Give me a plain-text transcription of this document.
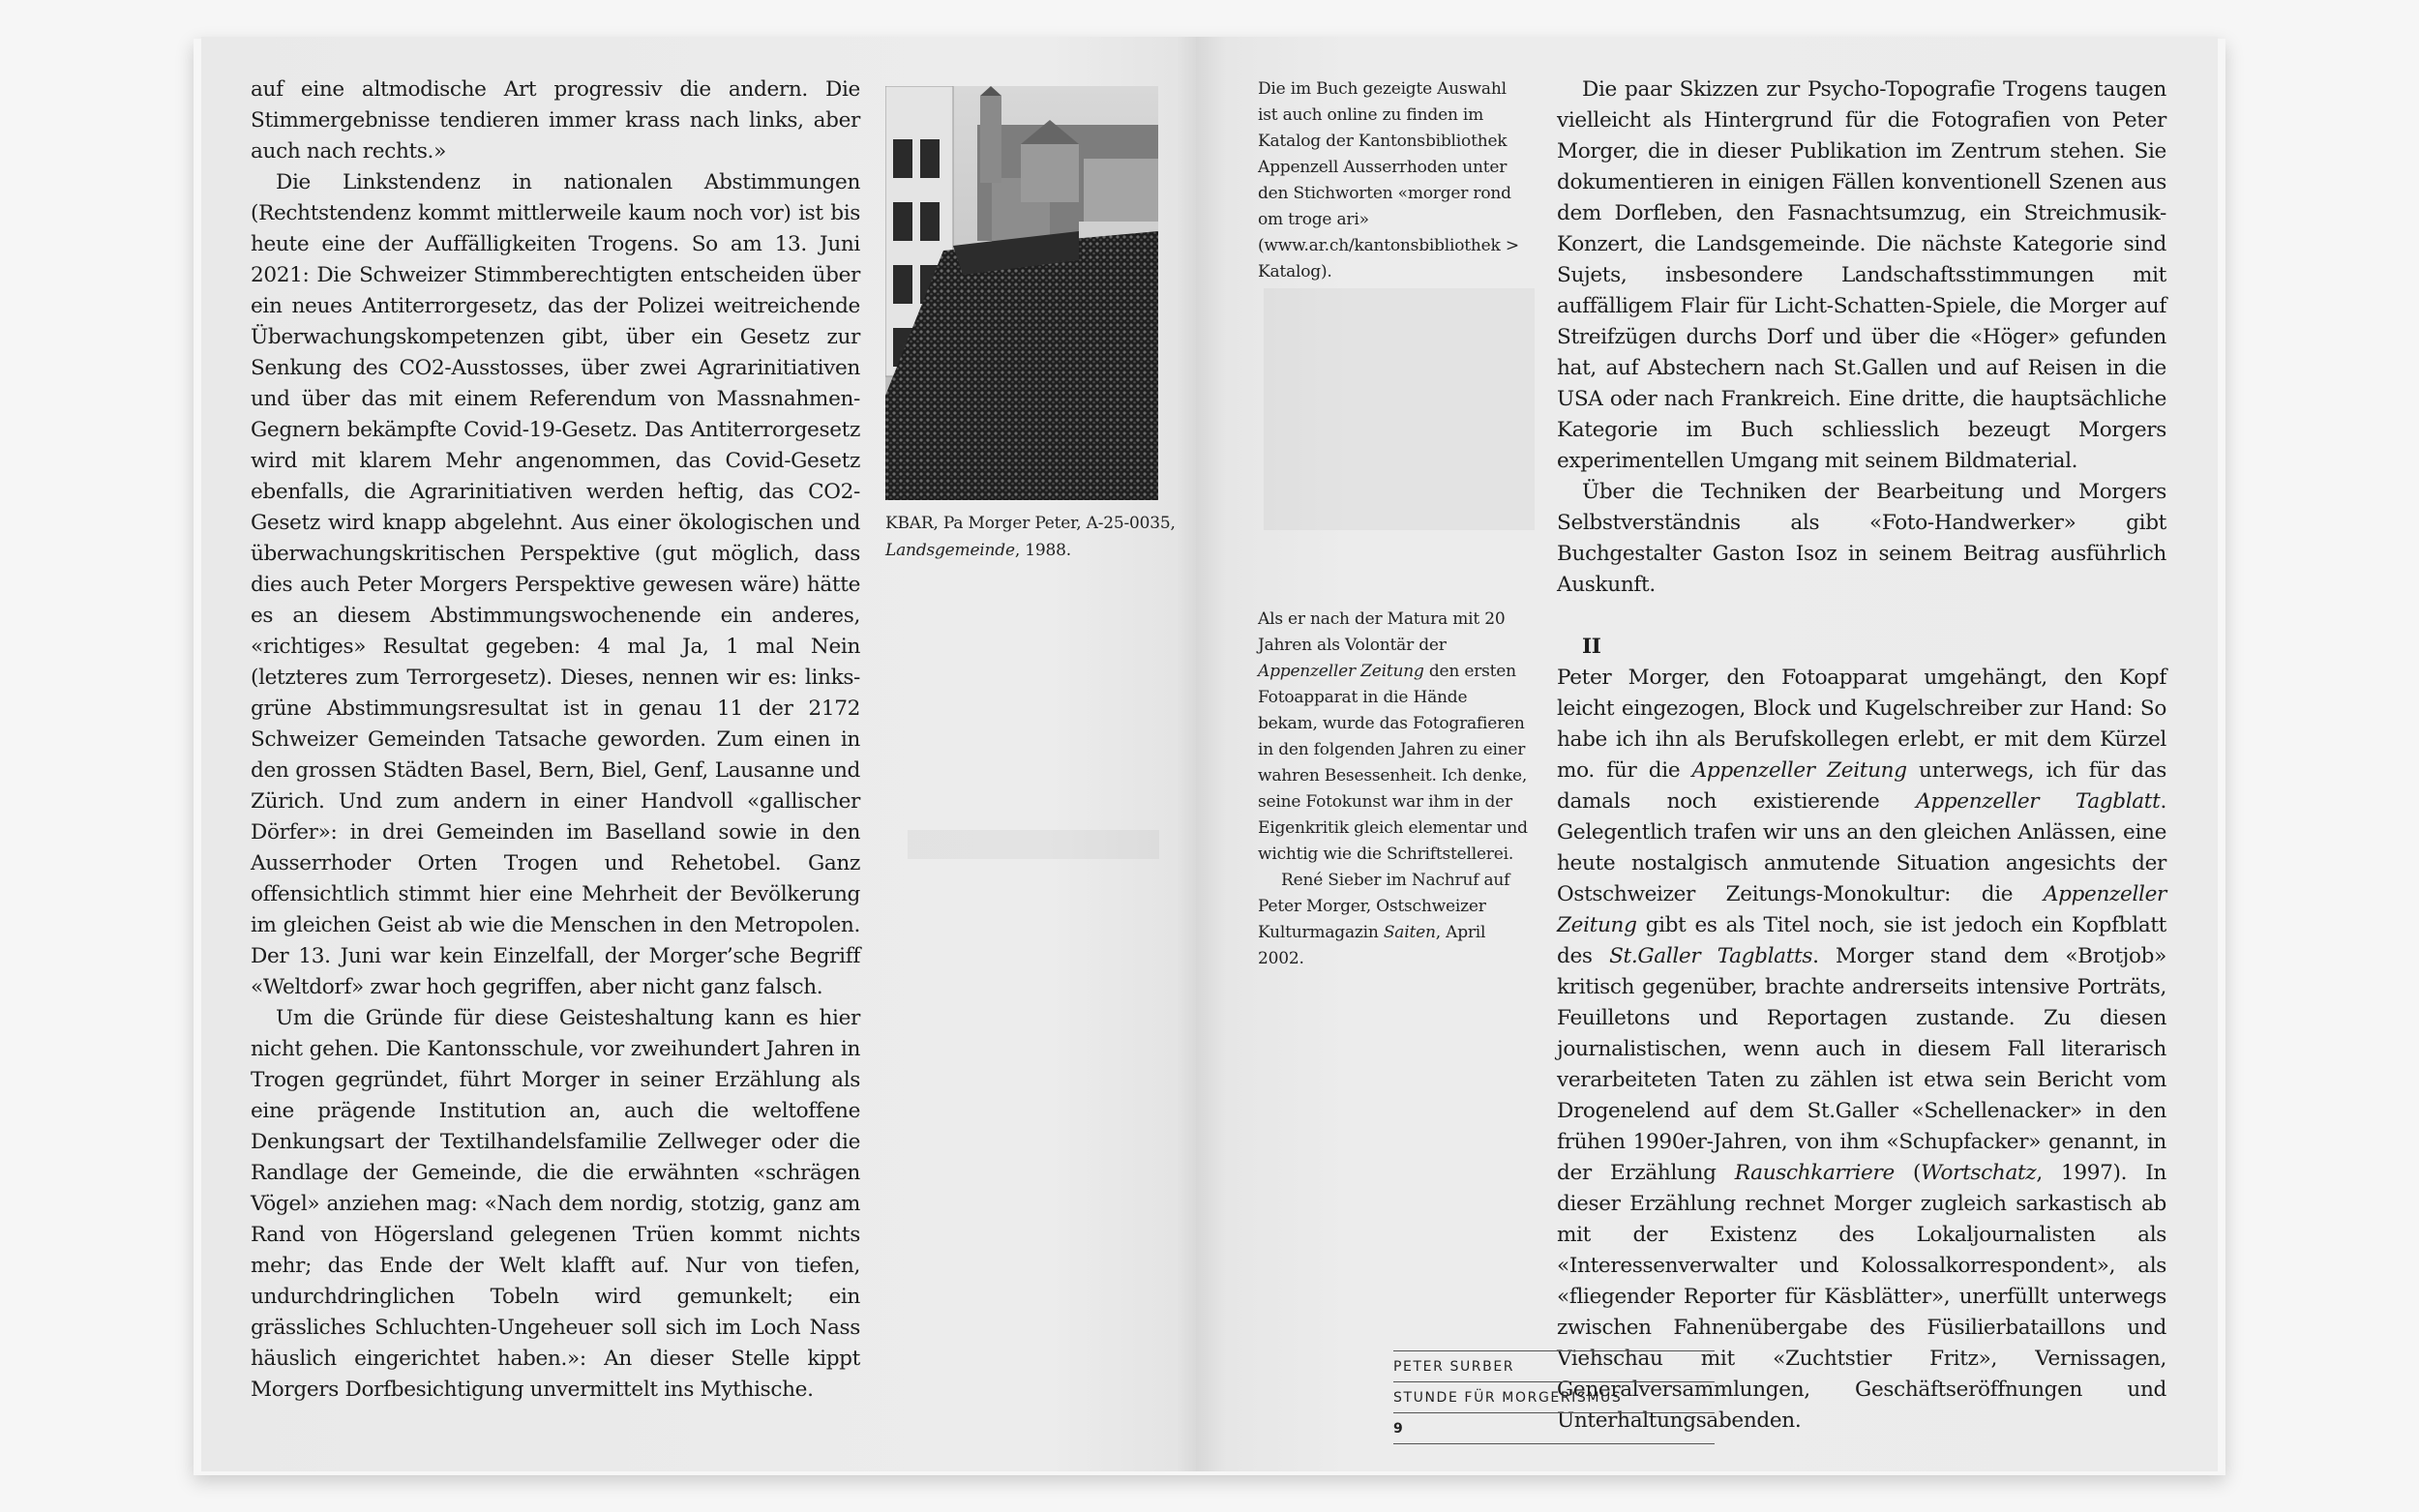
auf eine altmodische Art progressiv die andern. Die Stimmergebnisse tendieren immer krass nach links, aber auch nach rechts.»

Die Linkstendenz in nationalen Abstimmungen (Rechtstendenz kommt mittlerweile kaum noch vor) ist bis heute eine der Auffälligkeiten Trogens. So am 13. Juni 2021: Die Schweizer Stimmberechtigten entscheiden über ein neues Antiterrorgesetz, das der Polizei weitreichende Überwachungskompetenzen gibt, über ein Gesetz zur Senkung des CO2-Ausstosses, über zwei Agrarinitiativen und über das mit einem Referendum von Massnahmen-Gegnern bekämpfte Covid-19-Gesetz. Das Antiterrorgesetz wird mit klarem Mehr angenommen, das Covid-Gesetz ebenfalls, die Agrarinitiativen werden heftig, das CO2-Gesetz wird knapp abgelehnt. Aus einer ökologischen und überwachungskritischen Perspektive (gut möglich, dass dies auch Peter Morgers Perspektive gewesen wäre) hätte es an diesem Abstimmungswochenende ein anderes, «richtiges» Resultat gegeben: 4 mal Ja, 1 mal Nein (letzteres zum Terrorgesetz). Dieses, nennen wir es: links-grüne Abstimmungsresultat ist in genau 11 der 2172 Schweizer Gemeinden Tatsache geworden. Zum einen in den grossen Städten Basel, Bern, Biel, Genf, Lausanne und Zürich. Und zum andern in einer Handvoll «gallischer Dörfer»: in drei Gemeinden im Baselland sowie in den Ausserrhoder Orten Trogen und Rehetobel. Ganz offensichtlich stimmt hier eine Mehrheit der Bevölkerung im gleichen Geist ab wie die Menschen in den Metropolen. Der 13. Juni war kein Einzelfall, der Morger’sche Begriff «Weltdorf» zwar hoch gegriffen, aber nicht ganz falsch.

Um die Gründe für diese Geisteshaltung kann es hier nicht gehen. Die Kantonsschule, vor zweihundert Jahren in Trogen gegründet, führt Morger in seiner Erzählung als eine prägende Institution an, auch die weltoffene Denkungsart der Textilhandelsfamilie Zellweger oder die Randlage der Gemeinde, die die erwähnten «schrägen Vögel» anziehen mag: «Nach dem nordig, stotzig, ganz am Rand von Högersland gelegenen Trüen kommt nichts mehr; das Ende der Welt klafft auf. Nur von tiefen, undurchdringlichen Tobeln wird gemunkelt; ein grässliches Schluchten-Ungeheuer soll sich im Loch Nass häuslich eingerichtet haben.»: An dieser Stelle kippt Morgers Dorfbesichtigung unvermittelt ins Mythische.

KBAR, Pa Morger Peter, A-25-0035,
Landsgemeinde, 1988.

Die im Buch gezeigte Auswahl ist auch online zu finden im Katalog der Kantonsbibliothek Appenzell Ausserrhoden unter den Stichworten «morger rond om troge ari» (www.ar.ch/kantonsbibliothek > Katalog).

Als er nach der Matura mit 20 Jahren als Volontär der Appenzeller Zeitung den ersten Fotoapparat in die Hände bekam, wurde das Fotografieren in den folgenden Jahren zu einer wahren Besessenheit. Ich denke, seine Fotokunst war ihm in der Eigenkritik gleich elementar und wichtig wie die Schriftstellerei.

René Sieber im Nachruf auf Peter Morger, Ostschweizer Kulturmagazin Saiten, April 2002.

Die paar Skizzen zur Psycho-Topografie Trogens taugen vielleicht als Hintergrund für die Fotografien von Peter Morger, die in dieser Publikation im Zentrum stehen. Sie dokumentieren in einigen Fällen konventionell Szenen aus dem Dorfleben, den Fasnachtsumzug, ein Streichmusik-Konzert, die Landsgemeinde. Die nächste Kategorie sind Sujets, insbesondere Landschaftsstimmungen mit auffälligem Flair für Licht-Schatten-Spiele, die Morger auf Streifzügen durchs Dorf und über die «Höger» gefunden hat, auf Abstechern nach St.Gallen und auf Reisen in die USA oder nach Frankreich. Eine dritte, die hauptsächliche Kategorie im Buch schliesslich bezeugt Morgers experimentellen Umgang mit seinem Bildmaterial.

Über die Techniken der Bearbeitung und Morgers Selbstverständnis als «Foto-Handwerker» gibt Buchgestalter Gaston Isoz in seinem Beitrag ausführlich Auskunft.

II

Peter Morger, den Fotoapparat umgehängt, den Kopf leicht eingezogen, Block und Kugelschreiber zur Hand: So habe ich ihn als Berufskollegen erlebt, er mit dem Kürzel mo. für die Appenzeller Zeitung unterwegs, ich für das damals noch existierende Appenzeller Tagblatt. Gelegentlich trafen wir uns an den gleichen Anlässen, eine heute nostalgisch anmutende Situation angesichts der Ostschweizer Zeitungs-Monokultur: die Appenzeller Zeitung gibt es als Titel noch, sie ist jedoch ein Kopfblatt des St.Galler Tagblatts. Morger stand dem «Brotjob» kritisch gegenüber, brachte andrerseits intensive Porträts, Feuilletons und Reportagen zustande. Zu diesen journalistischen, wenn auch in diesem Fall literarisch verarbeiteten Taten zu zählen ist etwa sein Bericht vom Drogenelend auf dem St.Galler «Schellenacker» in den frühen 1990er-Jahren, von ihm «Schupfacker» genannt, in der Erzählung Rauschkarriere (Wortschatz, 1997). In dieser Erzählung rechnet Morger zugleich sarkastisch ab mit der Existenz des Lokaljournalisten als «Interessenverwalter und Kolossalkorrespondent», als «fliegender Reporter für Käsblätter», unerfüllt unterwegs zwischen Fahnenübergabe des Füsilierbataillons und Viehschau mit «Zuchtstier Fritz», Vernissagen, Generalversammlungen, Geschäftseröffnungen und Unterhaltungsabenden.

PETER SURBER
STUNDE FÜR MORGERISMUS
9
